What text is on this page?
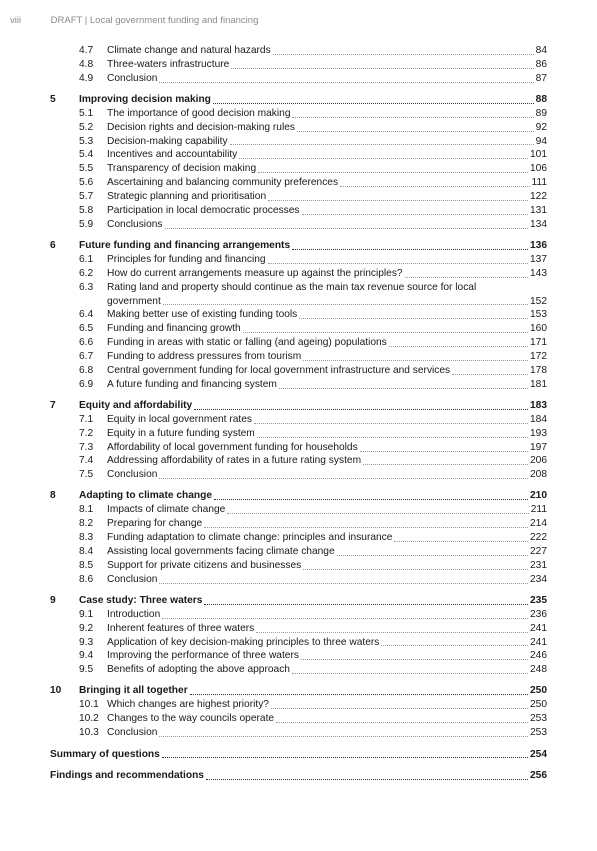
viii	DRAFT | Local government funding and financing
4.7	Climate change and natural hazards	84
4.8	Three-waters infrastructure	86
4.9	Conclusion	87
5	Improving decision making	88
5.1	The importance of good decision making	89
5.2	Decision rights and decision-making rules	92
5.3	Decision-making capability	94
5.4	Incentives and accountability	101
5.5	Transparency of decision making	106
5.6	Ascertaining and balancing community preferences	111
5.7	Strategic planning and prioritisation	122
5.8	Participation in local democratic processes	131
5.9	Conclusions	134
6	Future funding and financing arrangements	136
6.1	Principles for funding and financing	137
6.2	How do current arrangements measure up against the principles?	143
6.3	Rating land and property should continue as the main tax revenue source for local
government	152
6.4	Making better use of existing funding tools	153
6.5	Funding and financing growth	160
6.6	Funding in areas with static or falling (and ageing) populations	171
6.7	Funding to address pressures from tourism	172
6.8	Central government funding for local government infrastructure and services	178
6.9	A future funding and financing system	181
7	Equity and affordability	183
7.1	Equity in local government rates	184
7.2	Equity in a future funding system	193
7.3	Affordability of local government funding for households	197
7.4	Addressing affordability of rates in a future rating system	206
7.5	Conclusion	208
8	Adapting to climate change	210
8.1	Impacts of climate change	211
8.2	Preparing for change	214
8.3	Funding adaptation to climate change: principles and insurance	222
8.4	Assisting local governments facing climate change	227
8.5	Support for private citizens and businesses	231
8.6	Conclusion	234
9	Case study: Three waters	235
9.1	Introduction	236
9.2	Inherent features of three waters	241
9.3	Application of key decision-making principles to three waters	241
9.4	Improving the performance of three waters	246
9.5	Benefits of adopting the above approach	248
10	Bringing it all together	250
10.1 Which changes are highest priority?	250
10.2 Changes to the way councils operate	253
10.3 Conclusion	253
Summary of questions	254
Findings and recommendations	256
